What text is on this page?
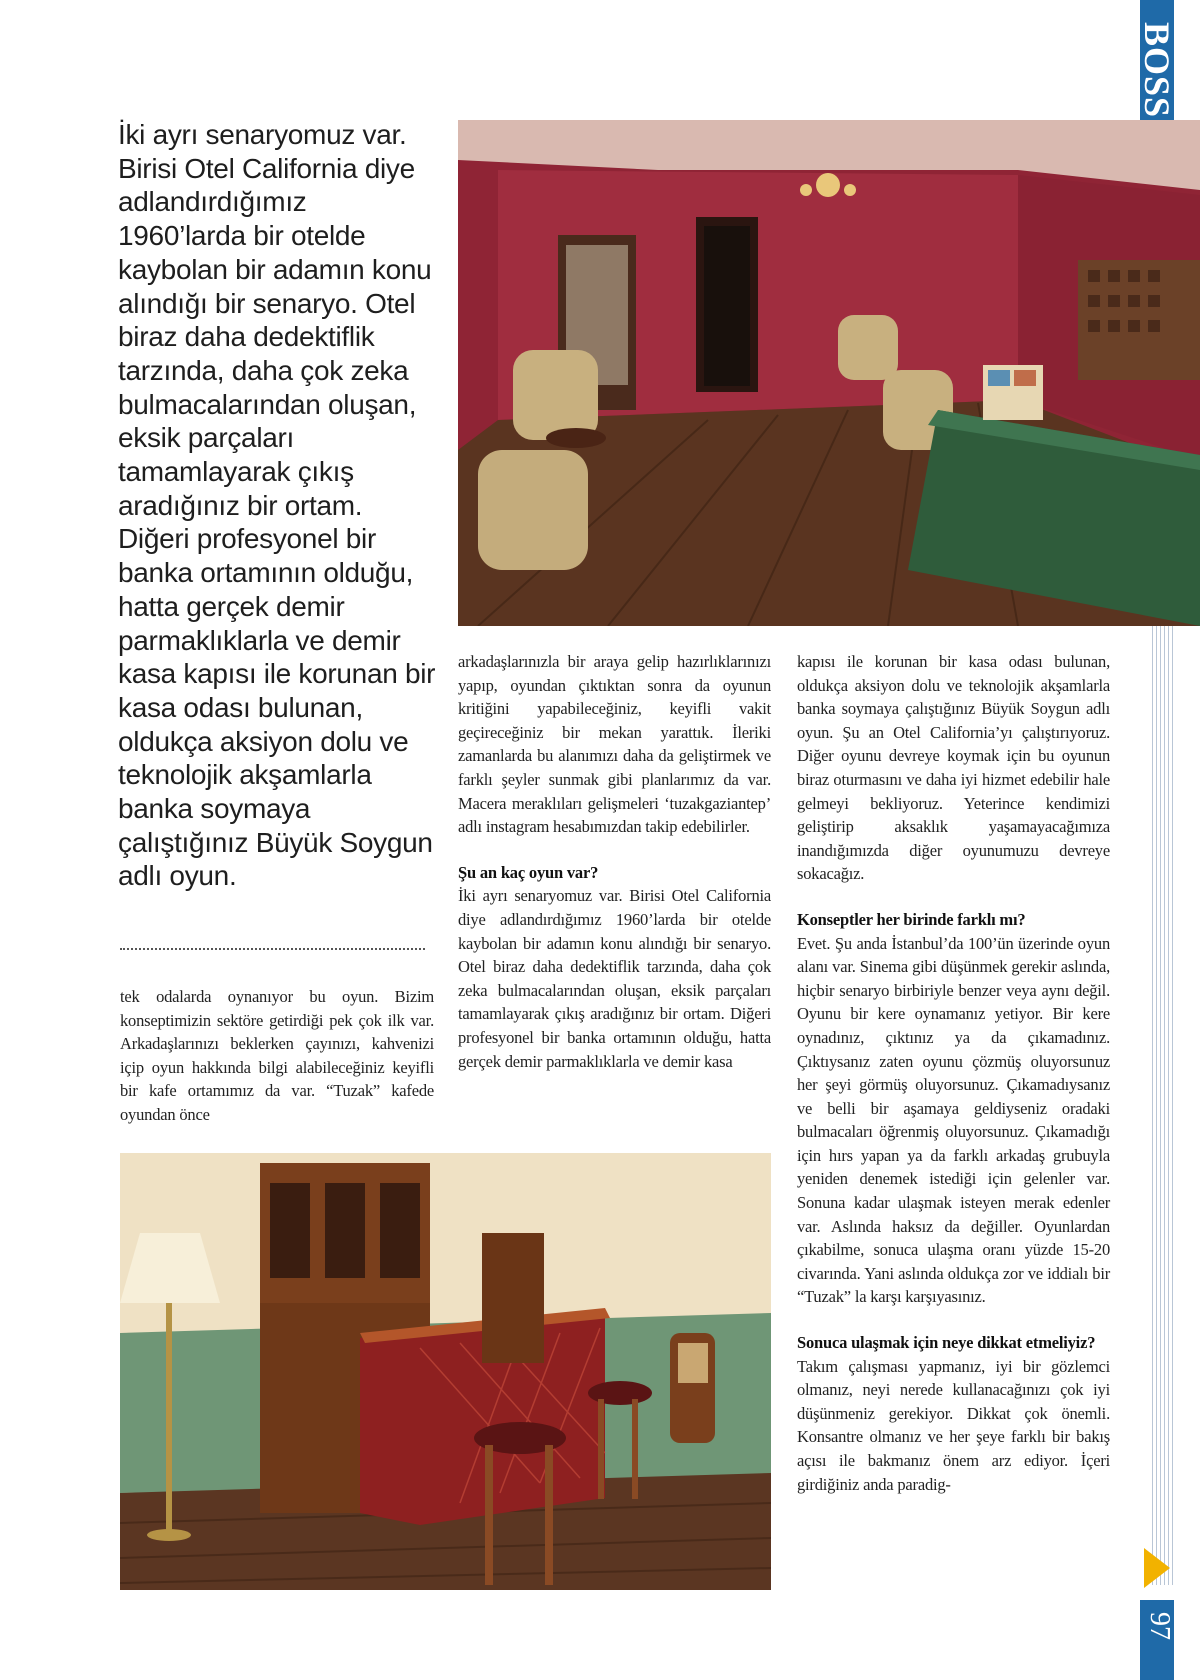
BOSS
97

İki ayrı senaryomuz var. Birisi Otel California diye adlandırdığımız 1960’larda bir otelde kaybolan bir adamın konu alındığı bir senaryo. Otel biraz daha dedektiflik tarzında, daha çok zeka bulmacalarından oluşan, eksik parçaları tamamlayarak çıkış aradığınız bir ortam. Diğeri profesyonel bir banka ortamının olduğu, hatta gerçek demir parmaklıklarla ve demir kasa kapısı ile korunan bir kasa odası bulunan, oldukça aksiyon dolu ve teknolojik akşamlarla banka soymaya çalıştığınız Büyük Soygun adlı oyun.

tek odalarda oynanıyor bu oyun. Bizim konseptimizin sektöre getirdiği pek çok ilk var. Arkadaşlarınızı beklerken çayınızı, kahvenizi içip oyun hakkında bilgi alabileceğiniz keyifli bir kafe ortamımız da var. “Tuzak” kafede oyundan önce

arkadaşlarınızla bir araya gelip hazırlıklarınızı yapıp, oyundan çıktıktan sonra da oyunun kritiğini yapabileceğiniz, keyifli vakit geçireceğiniz bir mekan yarattık. İleriki zamanlarda bu alanımızı daha da geliştirmek ve farklı şeyler sunmak gibi planlarımız da var. Macera meraklıları gelişmeleri ‘tuzakgaziantep’ adlı instagram hesabımızdan takip edebilirler.

Şu an kaç oyun var?

İki ayrı senaryomuz var. Birisi Otel California diye adlandırdığımız 1960’larda bir otelde kaybolan bir adamın konu alındığı bir senaryo. Otel biraz daha dedektiflik tarzında, daha çok zeka bulmacalarından oluşan, eksik parçaları tamamlayarak çıkış aradığınız bir ortam. Diğeri profesyonel bir banka ortamının olduğu, hatta gerçek demir parmaklıklarla ve demir kasa

kapısı ile korunan bir kasa odası bulunan, oldukça aksiyon dolu ve teknolojik akşamlarla banka soymaya çalıştığınız Büyük Soygun adlı oyun. Şu an Otel California’yı çalıştırıyoruz. Diğer oyunu devreye koymak için bu oyunun biraz oturmasını ve daha iyi hizmet edebilir hale gelmeyi bekliyoruz. Yeterince kendimizi geliştirip aksaklık yaşamayacağımıza inandığımızda diğer oyunumuzu devreye sokacağız.

Konseptler her birinde farklı mı?

Evet. Şu anda İstanbul’da 100’ün üzerinde oyun alanı var. Sinema gibi düşünmek gerekir aslında, hiçbir senaryo birbiriyle benzer veya aynı değil. Oyunu bir kere oynamanız yetiyor. Bir kere oynadınız, çıktınız ya da çıkamadınız. Çıktıysanız zaten oyunu çözmüş oluyorsunuz her şeyi görmüş oluyorsunuz. Çıkamadıysanız ve belli bir aşamaya geldiyseniz oradaki bulmacaları öğrenmiş oluyorsunuz. Çıkamadığı için hırs yapan ya da farklı arkadaş grubuyla yeniden denemek istediği için gelenler var. Sonuna kadar ulaşmak isteyen merak edenler var. Aslında haksız da değiller. Oyunlardan çıkabilme, sonuca ulaşma oranı yüzde 15-20 civarında. Yani aslında oldukça zor ve iddialı bir “Tuzak” la karşı karşıyasınız.

Sonuca ulaşmak için neye dikkat etmeliyiz?

Takım çalışması yapmanız, iyi bir gözlemci olmanız, neyi nerede kullanacağınızı çok iyi düşünmeniz gerekiyor. Dikkat çok önemli. Konsantre olmanız ve her şeye farklı bir bakış açısı ile bakmanız önem arz ediyor. İçeri girdiğiniz anda paradig-
